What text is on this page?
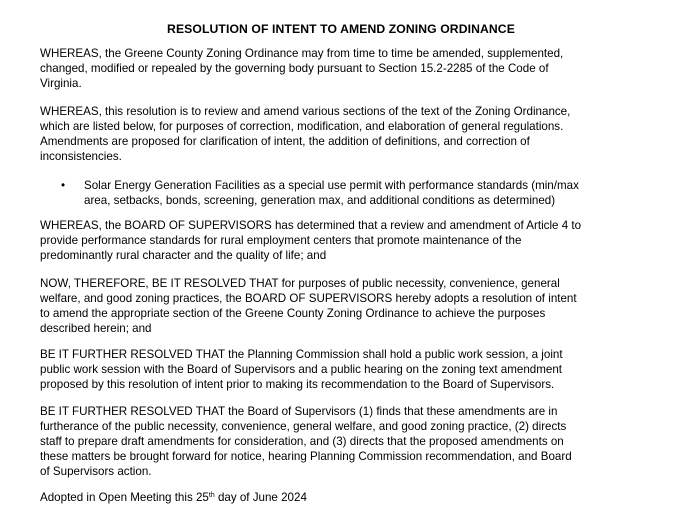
RESOLUTION OF INTENT TO AMEND ZONING ORDINANCE
WHEREAS, the Greene County Zoning Ordinance may from time to time be amended, supplemented,
changed, modified or repealed by the governing body pursuant to Section 15.2-2285 of the Code of
Virginia.
WHEREAS, this resolution is to review and amend various sections of the text of the Zoning Ordinance,
which are listed below, for purposes of correction, modification, and elaboration of general regulations.
Amendments are proposed for clarification of intent, the addition of definitions, and correction of
inconsistencies.
• Solar Energy Generation Facilities as a special use permit with performance standards (min/max
area, setbacks, bonds, screening, generation max, and additional conditions as determined)
WHEREAS, the BOARD OF SUPERVISORS has determined that a review and amendment of Article 4 to
provide performance standards for rural employment centers that promote maintenance of the
predominantly rural character and the quality of life; and
NOW, THEREFORE, BE IT RESOLVED THAT for purposes of public necessity, convenience, general
welfare, and good zoning practices, the BOARD OF SUPERVISORS hereby adopts a resolution of intent
to amend the appropriate section of the Greene County Zoning Ordinance to achieve the purposes
described herein; and
BE IT FURTHER RESOLVED THAT the Planning Commission shall hold a public work session, a joint
public work session with the Board of Supervisors and a public hearing on the zoning text amendment
proposed by this resolution of intent prior to making its recommendation to the Board of Supervisors.
BE IT FURTHER RESOLVED THAT the Board of Supervisors (1) finds that these amendments are in
furtherance of the public necessity, convenience, general welfare, and good zoning practice, (2) directs
staff to prepare draft amendments for consideration, and (3) directs that the proposed amendments on
these matters be brought forward for notice, hearing Planning Commission recommendation, and Board
of Supervisors action.
Adopted in Open Meeting this 25th day of June 2024
